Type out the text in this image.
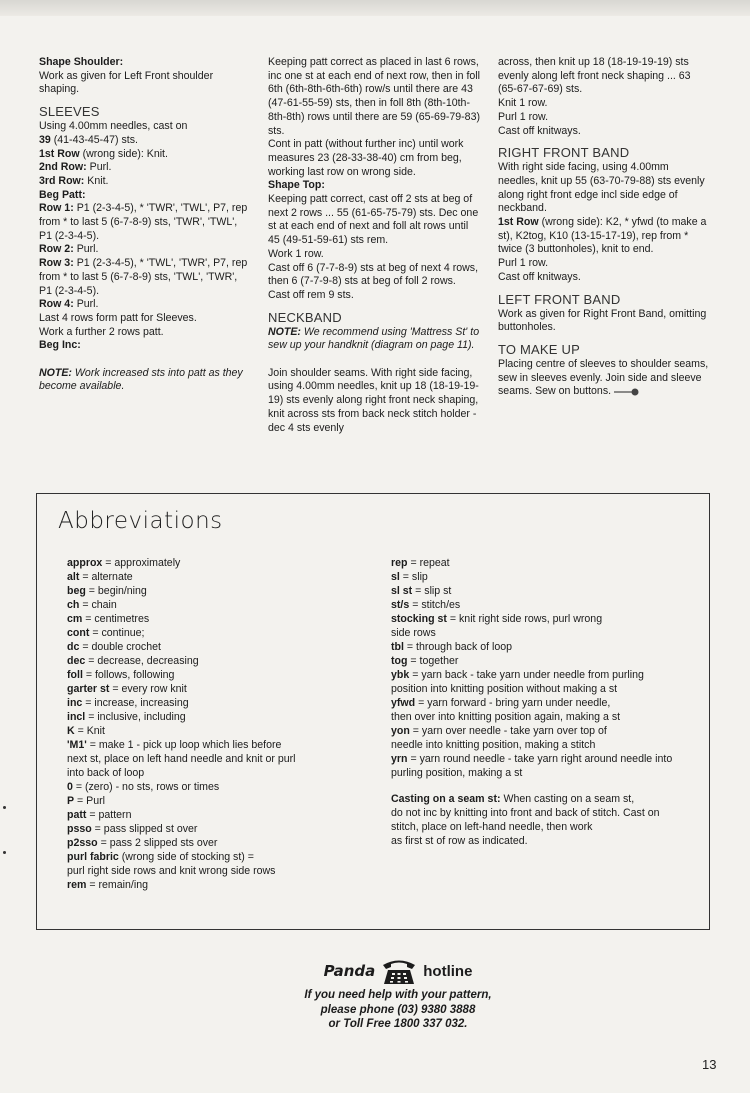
Shape Shoulder:

Work as given for Left Front shoulder shaping.

SLEEVES

Using 4.00mm needles, cast on

39 (41-43-45-47) sts.

1st Row (wrong side): Knit.

2nd Row: Purl.

3rd Row: Knit.

Beg Patt:

Row 1: P1 (2-3-4-5), * 'TWR', 'TWL', P7, rep from * to last 5 (6-7-8-9) sts, 'TWR', 'TWL', P1 (2-3-4-5).

Row 2: Purl.

Row 3: P1 (2-3-4-5), * 'TWL', 'TWR', P7, rep from * to last 5 (6-7-8-9) sts, 'TWL', 'TWR', P1 (2-3-4-5).

Row 4: Purl.

Last 4 rows form patt for Sleeves.

Work a further 2 rows patt.

Beg Inc:

NOTE: Work increased sts into patt as they become available.

Keeping patt correct as placed in last 6 rows, inc one st at each end of next row, then in foll 6th (6th-8th-6th-6th) row/s until there are 43 (47-61-55-59) sts, then in foll 8th (8th-10th-8th-8th) rows until there are 59 (65-69-79-83) sts.

Cont in patt (without further inc) until work measures 23 (28-33-38-40) cm from beg, working last row on wrong side.

Shape Top:

Keeping patt correct, cast off 2 sts at beg of next 2 rows ... 55 (61-65-75-79) sts. Dec one st at each end of next and foll alt rows until 45 (49-51-59-61) sts rem.

Work 1 row.

Cast off 6 (7-7-8-9) sts at beg of next 4 rows, then 6 (7-7-9-8) sts at beg of foll 2 rows.

Cast off rem 9 sts.

NECKBAND

NOTE: We recommend using 'Mattress St' to sew up your handknit (diagram on page 11).

Join shoulder seams. With right side facing, using 4.00mm needles, knit up 18 (18-19-19-19) sts evenly along right front neck shaping, knit across sts from back neck stitch holder - dec 4 sts evenly

across, then knit up 18 (18-19-19-19) sts evenly along left front neck shaping ... 63 (65-67-67-69) sts.

Knit 1 row.

Purl 1 row.

Cast off knitways.

RIGHT FRONT BAND

With right side facing, using 4.00mm needles, knit up 55 (63-70-79-88) sts evenly along right front edge incl side edge of neckband.

1st Row (wrong side): K2, * yfwd (to make a st), K2tog, K10 (13-15-17-19), rep from * twice (3 buttonholes), knit to end.

Purl 1 row.

Cast off knitways.

LEFT FRONT BAND

Work as given for Right Front Band, omitting buttonholes.

TO MAKE UP

Placing centre of sleeves to shoulder seams, sew in sleeves evenly. Join side and sleeve seams. Sew on buttons.

Abbreviations

approx = approximately

alt = alternate

beg = begin/ning

ch = chain

cm = centimetres

cont = continue;

dc = double crochet

dec = decrease, decreasing

foll = follows, following

garter st = every row knit

inc = increase, increasing

incl = inclusive, including

K = Knit

'M1' = make 1 - pick up loop which lies before

next st, place on left hand needle and knit or purl

into back of loop

0 = (zero) - no sts, rows or times

P = Purl

patt = pattern

psso = pass slipped st over

p2sso = pass 2 slipped sts over

purl fabric (wrong side of stocking st) =

purl right side rows and knit wrong side rows

rem = remain/ing

rep = repeat

sl = slip

sl st = slip st

st/s = stitch/es

stocking st = knit right side rows, purl wrong

side rows

tbl = through back of loop

tog = together

ybk = yarn back - take yarn under needle from purling

position into knitting position without making a st

yfwd = yarn forward - bring yarn under needle,

then over into knitting position again, making a st

yon = yarn over needle - take yarn over top of

needle into knitting position, making a stitch

yrn = yarn round needle - take yarn right around needle into

purling position, making a st

Casting on a seam st: When casting on a seam st,

do not inc by knitting into front and back of stitch. Cast on

stitch, place on left-hand needle, then work

as first st of row as indicated.

Panda	hotline
If you need help with your pattern,
please phone (03) 9380 3888
or Toll Free 1800 337 032.
13
